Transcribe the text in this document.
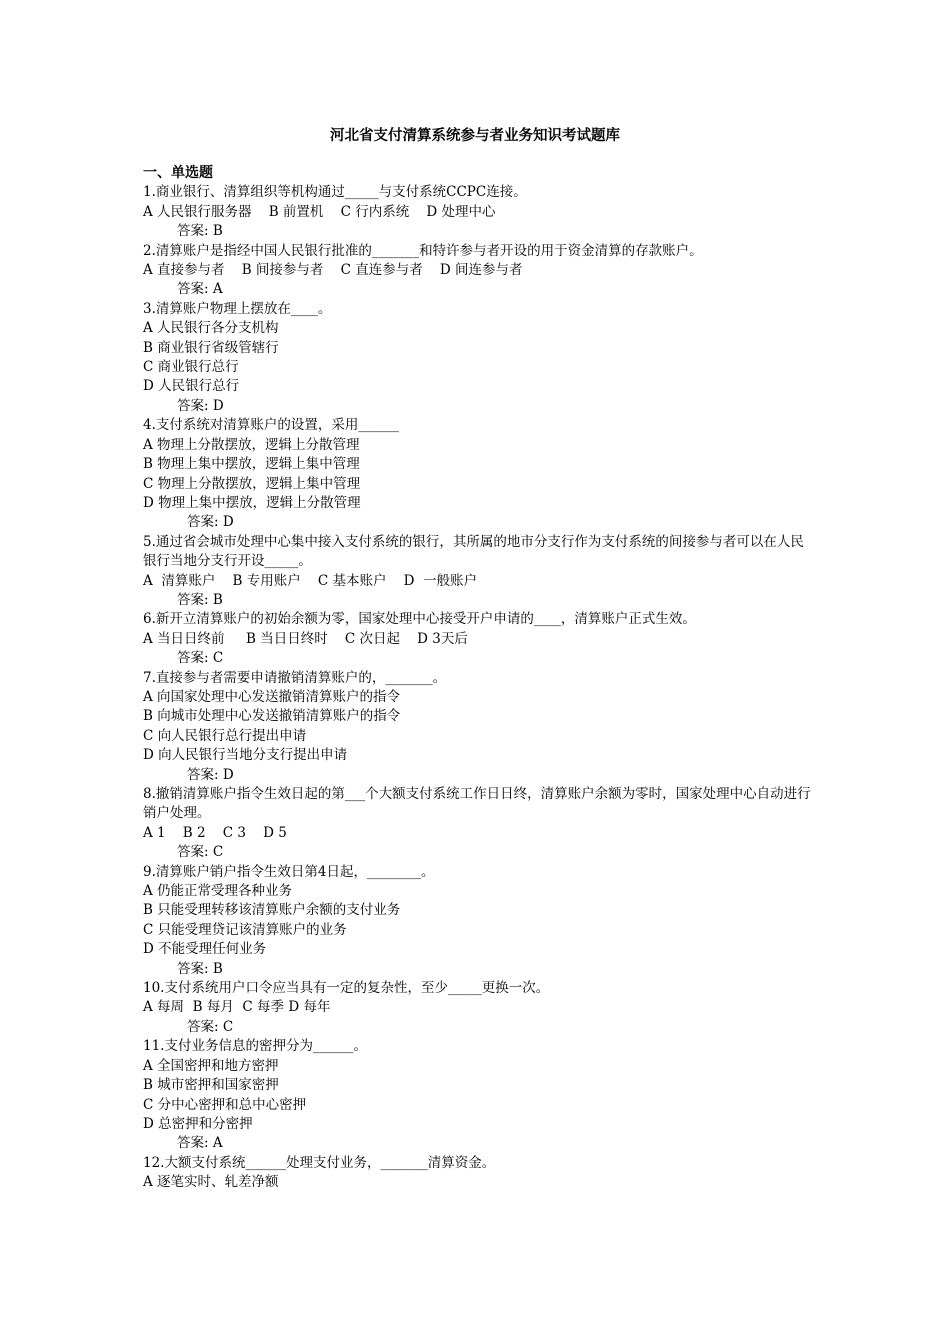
河北省支付清算系统参与者业务知识考试题库
一、单选题
1.商业银行、清算组织等机构通过_____与支付系统CCPC连接。
A 人民银行服务器    B 前置机    C 行内系统    D 处理中心
答案: B
2.清算账户是指经中国人民银行批准的_______和特许参与者开设的用于资金清算的存款账户。
A 直接参与者    B 间接参与者    C 直连参与者    D 间连参与者
答案: A
3.清算账户物理上摆放在____。
A 人民银行各分支机构
B 商业银行省级管辖行
C 商业银行总行
D 人民银行总行
答案: D
4.支付系统对清算账户的设置，采用______
A 物理上分散摆放，逻辑上分散管理
B 物理上集中摆放，逻辑上集中管理
C 物理上分散摆放，逻辑上集中管理
D 物理上集中摆放，逻辑上分散管理
答案: D
5.通过省会城市处理中心集中接入支付系统的银行，其所属的地市分支行作为支付系统的间接参与者可以在人民银行当地分支行开设_____。
A  清算账户    B 专用账户    C 基本账户    D  一般账户
答案: B
6.新开立清算账户的初始余额为零，国家处理中心接受开户申请的____，清算账户正式生效。
A 当日日终前     B 当日日终时    C 次日起    D 3天后
答案: C
7.直接参与者需要申请撤销清算账户的，_______。
A 向国家处理中心发送撤销清算账户的指令
B 向城市处理中心发送撤销清算账户的指令
C 向人民银行总行提出申请
D 向人民银行当地分支行提出申请
答案: D
8.撤销清算账户指令生效日起的第___个大额支付系统工作日日终，清算账户余额为零时，国家处理中心自动进行销户处理。
A 1    B 2    C 3    D 5
答案: C
9.清算账户销户指令生效日第4日起，________。
A 仍能正常受理各种业务
B 只能受理转移该清算账户余额的支付业务
C 只能受理贷记该清算账户的业务
D 不能受理任何业务
答案: B
10.支付系统用户口令应当具有一定的复杂性，至少_____更换一次。
A 每周  B 每月  C 每季 D 每年
答案: C
11.支付业务信息的密押分为______。
A 全国密押和地方密押
B 城市密押和国家密押
C 分中心密押和总中心密押
D 总密押和分密押
答案: A
12.大额支付系统______处理支付业务，_______清算资金。
A 逐笔实时、轧差净额
